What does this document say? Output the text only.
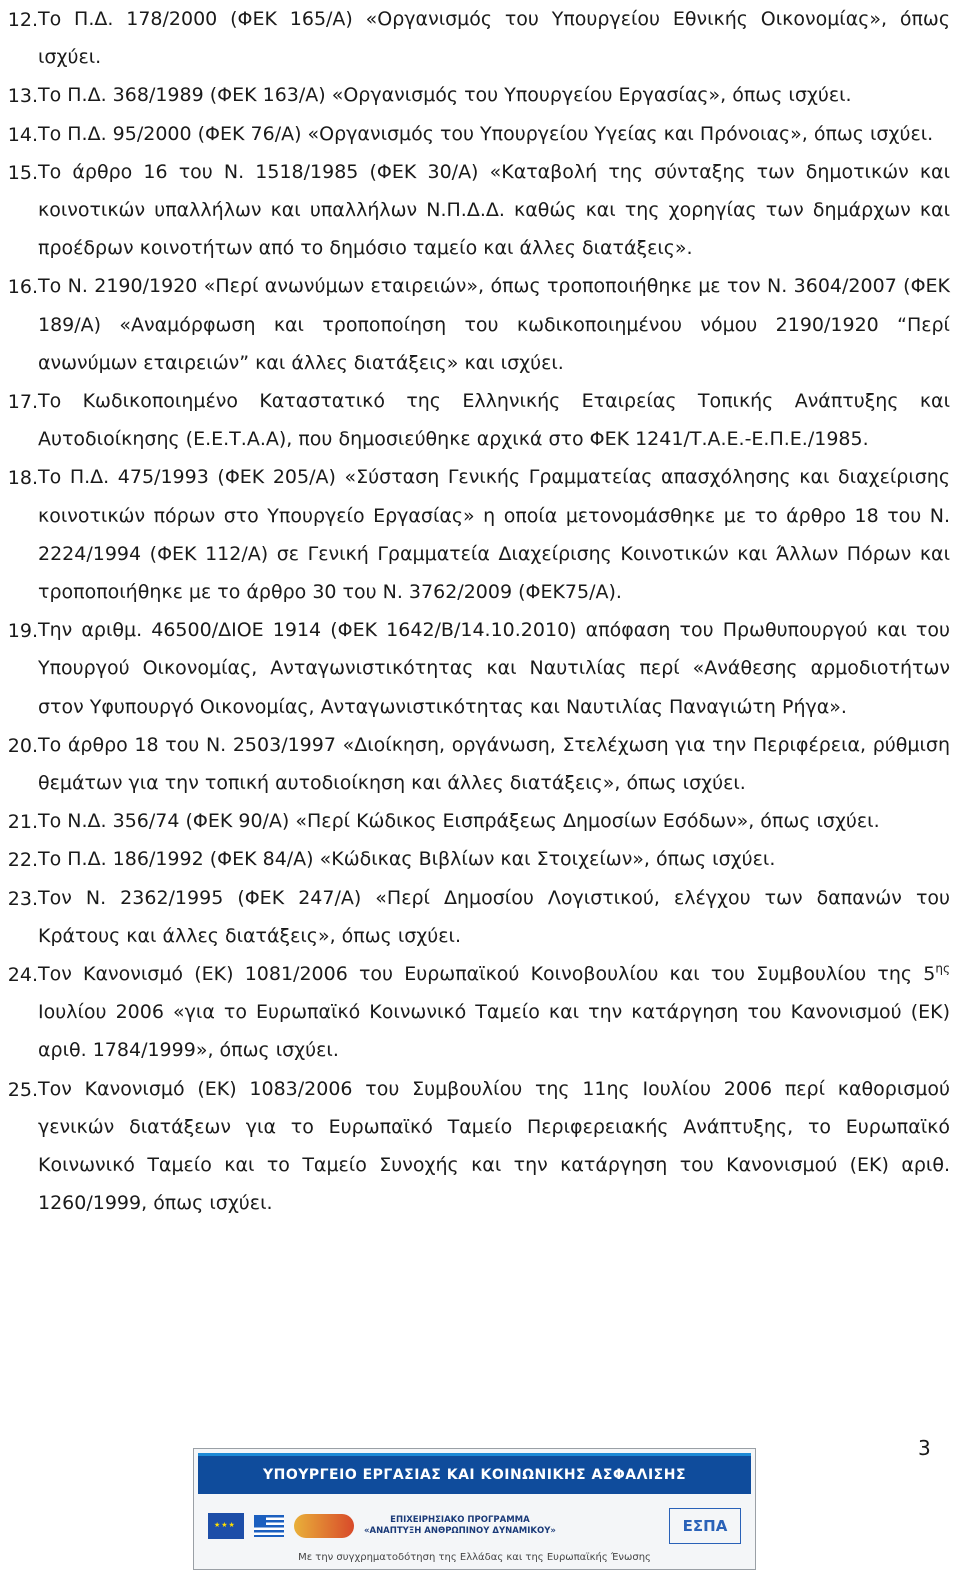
12. Το Π.Δ. 178/2000 (ΦΕΚ 165/Α) «Οργανισμός του Υπουργείου Εθνικής Οικονομίας», όπως ισχύει.
13. Το Π.Δ. 368/1989 (ΦΕΚ 163/Α) «Οργανισμός του Υπουργείου Εργασίας», όπως ισχύει.
14. Το Π.Δ. 95/2000 (ΦΕΚ 76/Α) «Οργανισμός του Υπουργείου Υγείας και Πρόνοιας», όπως ισχύει.
15. Το άρθρο 16 του Ν. 1518/1985 (ΦΕΚ 30/Α) «Καταβολή της σύνταξης των δημοτικών και κοινοτικών υπαλλήλων και υπαλλήλων Ν.Π.Δ.Δ. καθώς και της χορηγίας των δημάρχων και προέδρων κοινοτήτων από το δημόσιο ταμείο και άλλες διατάξεις».
16. Το Ν. 2190/1920 «Περί ανωνύμων εταιρειών», όπως τροποποιήθηκε με τον Ν. 3604/2007 (ΦΕΚ 189/Α) «Αναμόρφωση και τροποποίηση του κωδικοποιημένου νόμου 2190/1920 “Περί ανωνύμων εταιρειών” και άλλες διατάξεις» και ισχύει.
17. Το Κωδικοποιημένο Καταστατικό της Ελληνικής Εταιρείας Τοπικής Ανάπτυξης και Αυτοδιοίκησης (Ε.Ε.Τ.Α.Α), που δημοσιεύθηκε αρχικά στο ΦΕΚ 1241/Τ.Α.Ε.-Ε.Π.Ε./1985.
18. Το Π.Δ. 475/1993 (ΦΕΚ 205/Α) «Σύσταση Γενικής Γραμματείας απασχόλησης και διαχείρισης κοινοτικών πόρων στο Υπουργείο Εργασίας» η οποία μετονομάσθηκε με το άρθρο 18 του Ν. 2224/1994 (ΦΕΚ 112/Α) σε Γενική Γραμματεία Διαχείρισης Κοινοτικών και Άλλων Πόρων και τροποποιήθηκε με το άρθρο 30 του Ν. 3762/2009 (ΦΕΚ75/Α).
19. Την αριθμ. 46500/ΔΙΟΕ 1914 (ΦΕΚ 1642/Β/14.10.2010) απόφαση του Πρωθυπουργού και του Υπουργού Οικονομίας, Ανταγωνιστικότητας και Ναυτιλίας περί «Ανάθεσης αρμοδιοτήτων στον Υφυπουργό Οικονομίας, Ανταγωνιστικότητας και Ναυτιλίας Παναγιώτη Ρήγα».
20. Το άρθρο 18 του Ν. 2503/1997 «Διοίκηση, οργάνωση, Στελέχωση για την Περιφέρεια, ρύθμιση θεμάτων για την τοπική αυτοδιοίκηση και άλλες διατάξεις», όπως ισχύει.
21. Το Ν.Δ. 356/74 (ΦΕΚ 90/Α) «Περί Κώδικος Εισπράξεως Δημοσίων Εσόδων», όπως ισχύει.
22. Το Π.Δ. 186/1992 (ΦΕΚ 84/Α) «Κώδικας Βιβλίων και Στοιχείων», όπως ισχύει.
23. Τον Ν. 2362/1995 (ΦΕΚ 247/Α) «Περί Δημοσίου Λογιστικού, ελέγχου των δαπανών του Κράτους και άλλες διατάξεις», όπως ισχύει.
24. Τον Κανονισμό (ΕΚ) 1081/2006 του Ευρωπαϊκού Κοινοβουλίου και του Συμβουλίου της $5^{\eta\varsigma}$ Ιουλίου 2006 «για το Ευρωπαϊκό Κοινωνικό Ταμείο και την κατάργηση του Κανονισμού (ΕΚ) αριθ. 1784/1999», όπως ισχύει.
25. Τον Κανονισμό (ΕΚ) 1083/2006 του Συμβουλίου της 11ης Ιουλίου 2006 περί καθορισμού γενικών διατάξεων για το Ευρωπαϊκό Ταμείο Περιφερειακής Ανάπτυξης, το Ευρωπαϊκό Κοινωνικό Ταμείο και το Ταμείο Συνοχής και την κατάργηση του Κανονισμού (ΕΚ) αριθ. 1260/1999, όπως ισχύει.
3
ΥΠΟΥΡΓΕΙΟ ΕΡΓΑΣΙΑΣ ΚΑΙ ΚΟΙΝΩΝΙΚΗΣ ΑΣΦΑΛΙΣΗΣ
★★★
ΕΠΙΧΕΙΡΗΣΙΑΚΟ ΠΡΟΓΡΑΜΜΑ
«ΑΝΑΠΤΥΞΗ ΑΝΘΡΩΠΙΝΟΥ ΔΥΝΑΜΙΚΟΥ»	ΕΣΠΑ
Με την συγχρηματοδότηση της Ελλάδας και της Ευρωπαϊκής Ένωσης
